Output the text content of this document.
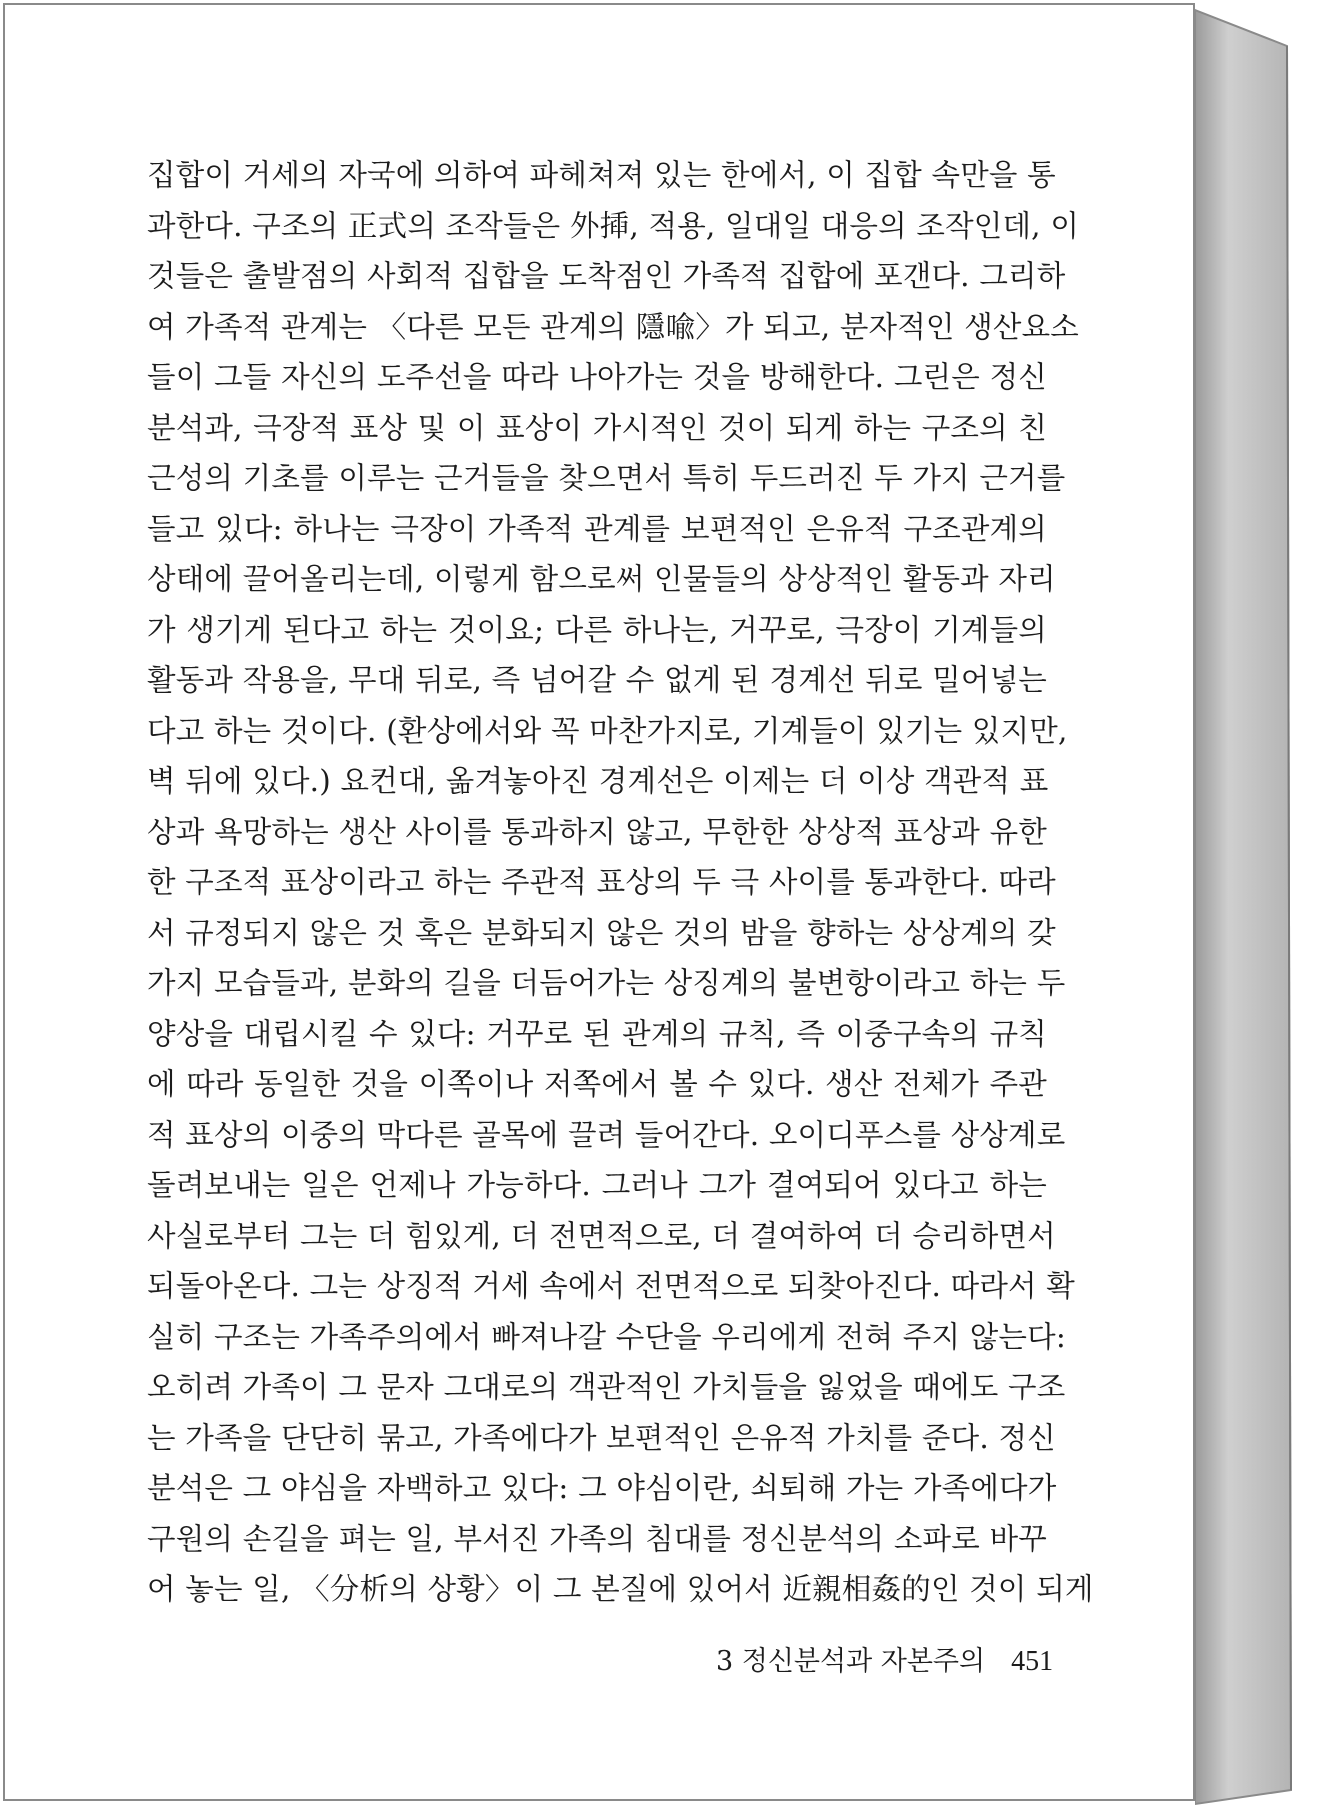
집합이 거세의 자국에 의하여 파헤쳐져 있는 한에서, 이 집합 속만을 통
과한다. 구조의 正式의 조작들은 外揷, 적용, 일대일 대응의 조작인데, 이
것들은 출발점의 사회적 집합을 도착점인 가족적 집합에 포갠다. 그리하
여 가족적 관계는 〈다른 모든 관계의 隱喩〉가 되고, 분자적인 생산요소
들이 그들 자신의 도주선을 따라 나아가는 것을 방해한다. 그린은 정신
분석과, 극장적 표상 및 이 표상이 가시적인 것이 되게 하는 구조의 친
근성의 기초를 이루는 근거들을 찾으면서 특히 두드러진 두 가지 근거를
들고 있다: 하나는 극장이 가족적 관계를 보편적인 은유적 구조관계의
상태에 끌어올리는데, 이렇게 함으로써 인물들의 상상적인 활동과 자리
가 생기게 된다고 하는 것이요; 다른 하나는, 거꾸로, 극장이 기계들의
활동과 작용을, 무대 뒤로, 즉 넘어갈 수 없게 된 경계선 뒤로 밀어넣는
다고 하는 것이다. (환상에서와 꼭 마찬가지로, 기계들이 있기는 있지만,
벽 뒤에 있다.) 요컨대, 옮겨놓아진 경계선은 이제는 더 이상 객관적 표
상과 욕망하는 생산 사이를 통과하지 않고, 무한한 상상적 표상과 유한
한 구조적 표상이라고 하는 주관적 표상의 두 극 사이를 통과한다. 따라
서 규정되지 않은 것 혹은 분화되지 않은 것의 밤을 향하는 상상계의 갖
가지 모습들과, 분화의 길을 더듬어가는 상징계의 불변항이라고 하는 두
양상을 대립시킬 수 있다: 거꾸로 된 관계의 규칙, 즉 이중구속의 규칙
에 따라 동일한 것을 이쪽이나 저쪽에서 볼 수 있다. 생산 전체가 주관
적 표상의 이중의 막다른 골목에 끌려 들어간다. 오이디푸스를 상상계로
돌려보내는 일은 언제나 가능하다. 그러나 그가 결여되어 있다고 하는
사실로부터 그는 더 힘있게, 더 전면적으로, 더 결여하여 더 승리하면서
되돌아온다. 그는 상징적 거세 속에서 전면적으로 되찾아진다. 따라서 확
실히 구조는 가족주의에서 빠져나갈 수단을 우리에게 전혀 주지 않는다:
오히려 가족이 그 문자 그대로의 객관적인 가치들을 잃었을 때에도 구조
는 가족을 단단히 묶고, 가족에다가 보편적인 은유적 가치를 준다. 정신
분석은 그 야심을 자백하고 있다: 그 야심이란, 쇠퇴해 가는 가족에다가
구원의 손길을 펴는 일, 부서진 가족의 침대를 정신분석의 소파로 바꾸
어 놓는 일, 〈分析의 상황〉이 그 본질에 있어서 近親相姦的인 것이 되게
3 정신분석과 자본주의 451
